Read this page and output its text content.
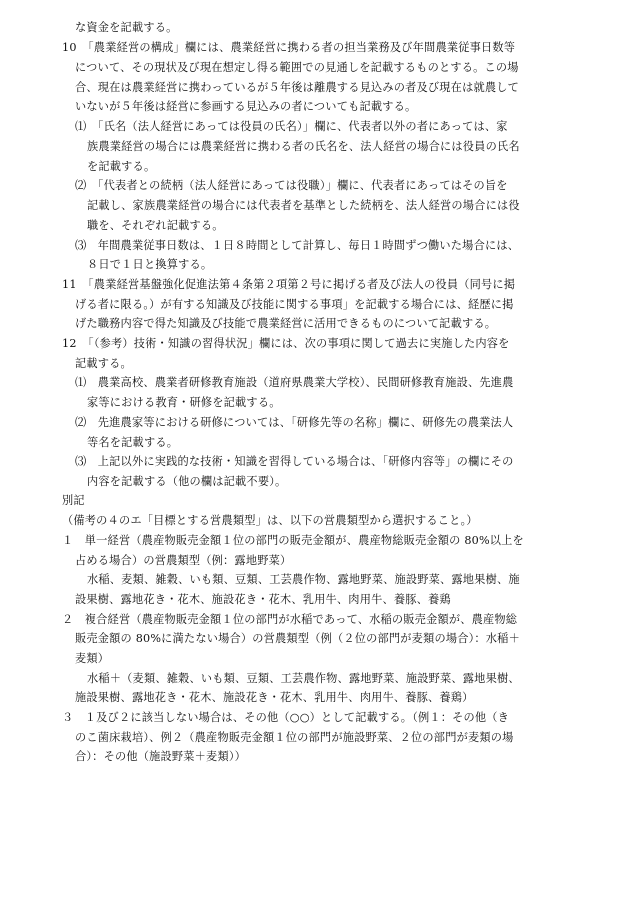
な資金を記載する。
10　「農業経営の構成」欄には、農業経営に携わる者の担当業務及び年間農業従事日数等
について、その現状及び現在想定し得る範囲での見通しを記載するものとする。この場
合、現在は農業経営に携わっているが５年後は離農する見込みの者及び現在は就農して
いないが５年後は経営に参画する見込みの者についても記載する。
⑴　「氏名（法人経営にあっては役員の氏名）」欄に、代表者以外の者にあっては、家
族農業経営の場合には農業経営に携わる者の氏名を、法人経営の場合には役員の氏名
を記載する。
⑵　「代表者との続柄（法人経営にあっては役職）」欄に、代表者にあってはその旨を
記載し、家族農業経営の場合には代表者を基準とした続柄を、法人経営の場合には役
職を、それぞれ記載する。
⑶　年間農業従事日数は、１日８時間として計算し、毎日１時間ずつ働いた場合には、
８日で１日と換算する。
11　「農業経営基盤強化促進法第４条第２項第２号に掲げる者及び法人の役員（同号に掲
げる者に限る。）が有する知識及び技能に関する事項」を記載する場合には、経歴に掲
げた職務内容で得た知識及び技能で農業経営に活用できるものについて記載する。
12　「（参考）技術・知識の習得状況」欄には、次の事項に関して過去に実施した内容を
記載する。
⑴　農業高校、農業者研修教育施設（道府県農業大学校）、民間研修教育施設、先進農
家等における教育・研修を記載する。
⑵　先進農家等における研修については、「研修先等の名称」欄に、研修先の農業法人
等名を記載する。
⑶　上記以外に実践的な技術・知識を習得している場合は、「研修内容等」の欄にその
内容を記載する（他の欄は記載不要）。
別記
（備考の４のエ「目標とする営農類型」は、以下の営農類型から選択すること。）
１　単一経営（農産物販売金額１位の部門の販売金額が、農産物総販売金額の 80%以上を
占める場合）の営農類型（例：露地野菜）
水稲、麦類、雑穀、いも類、豆類、工芸農作物、露地野菜、施設野菜、露地果樹、施
設果樹、露地花き・花木、施設花き・花木、乳用牛、肉用牛、養豚、養鶏
２　複合経営（農産物販売金額１位の部門が水稲であって、水稲の販売金額が、農産物総
販売金額の 80%に満たない場合）の営農類型（例（２位の部門が麦類の場合）：水稲＋
麦類）
水稲＋（麦類、雑穀、いも類、豆類、工芸農作物、露地野菜、施設野菜、露地果樹、
施設果樹、露地花き・花木、施設花き・花木、乳用牛、肉用牛、養豚、養鶏）
３　１及び２に該当しない場合は、その他（○○）として記載する。（例１：その他（き
のこ菌床栽培）、例２（農産物販売金額１位の部門が施設野菜、２位の部門が麦類の場
合）：その他（施設野菜＋麦類））
